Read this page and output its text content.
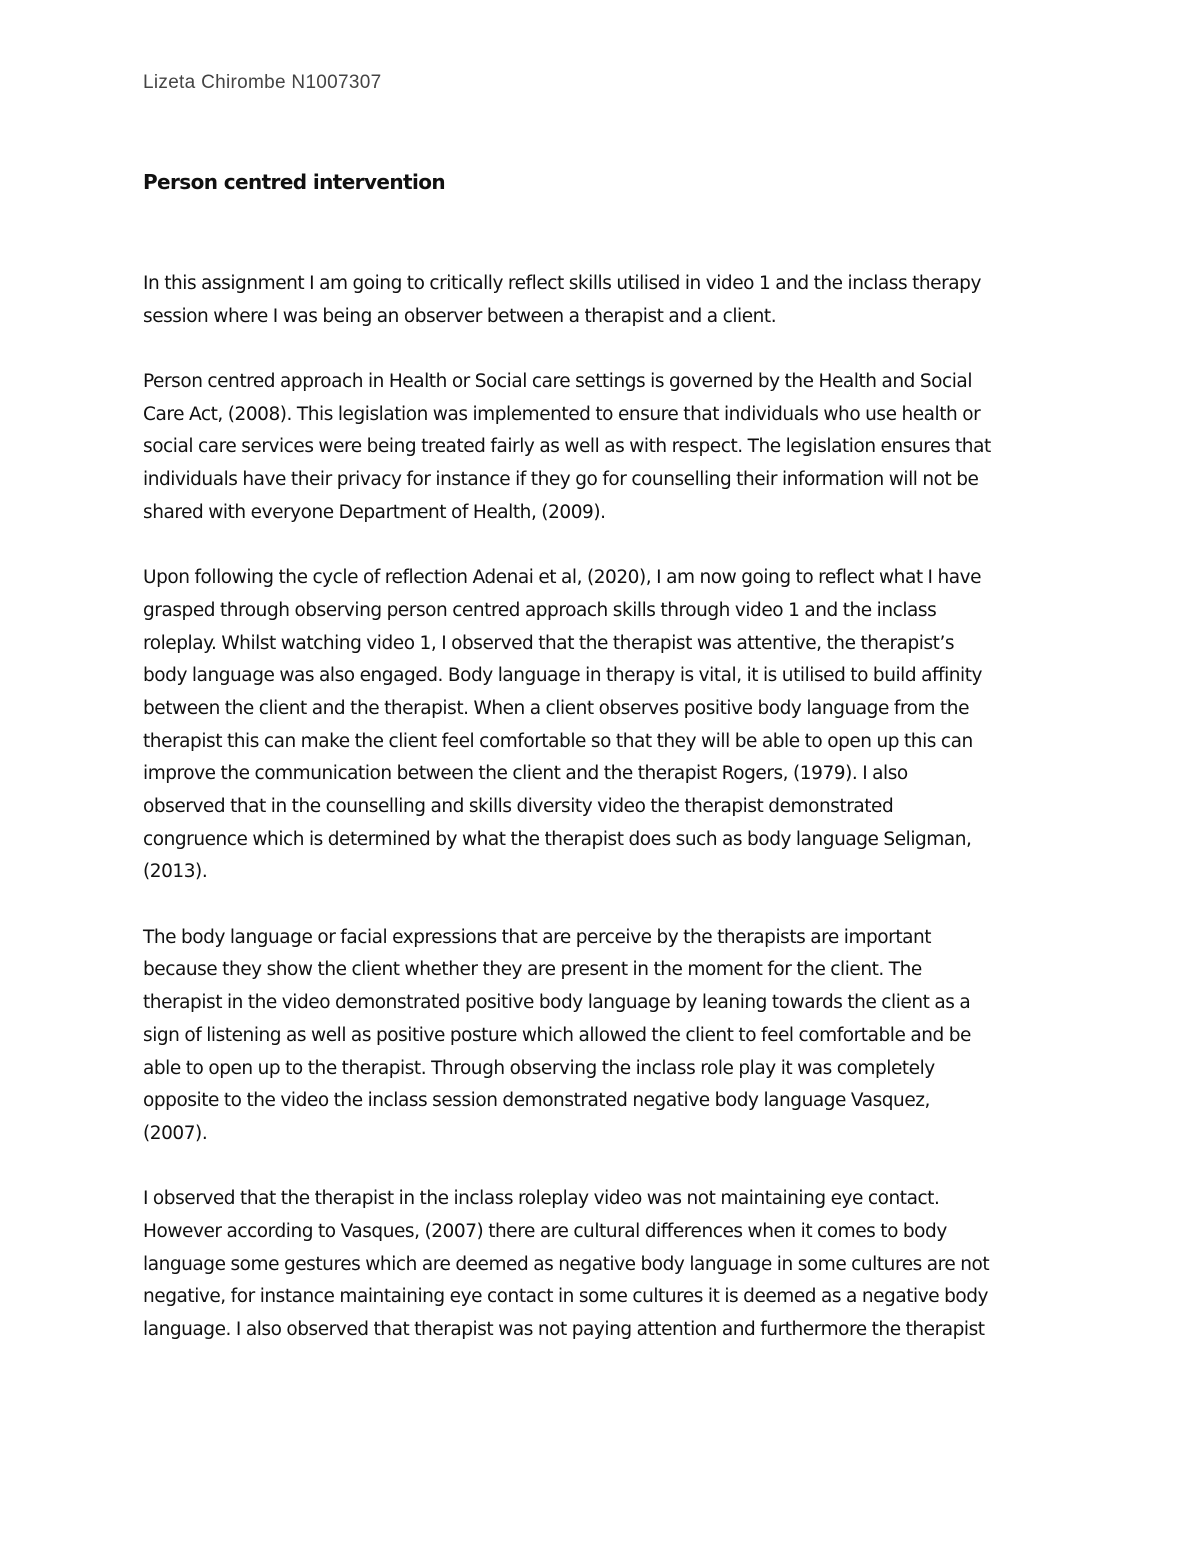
Lizeta Chirombe N1007307
Person centred intervention
In this assignment I am going to critically reflect skills utilised in video 1 and the inclass therapy
session where I was being an observer between a therapist and a client.
Person centred approach in Health or Social care settings is governed by the Health and Social
Care Act, (2008). This legislation was implemented to ensure that individuals who use health or
social care services were being treated fairly as well as with respect. The legislation ensures that
individuals have their privacy for instance if they go for counselling their information will not be
shared with everyone Department of Health, (2009).
Upon following the cycle of reflection Adenai et al, (2020), I am now going to reflect what I have
grasped through observing person centred approach skills through video 1 and the inclass
roleplay. Whilst watching video 1, I observed that the therapist was attentive, the therapist’s
body language was also engaged. Body language in therapy is vital, it is utilised to build affinity
between the client and the therapist. When a client observes positive body language from the
therapist this can make the client feel comfortable so that they will be able to open up this can
improve the communication between the client and the therapist Rogers, (1979). I also
observed that in the counselling and skills diversity video the therapist demonstrated
congruence which is determined by what the therapist does such as body language Seligman,
(2013).
The body language or facial expressions that are perceive by the therapists are important
because they show the client whether they are present in the moment for the client. The
therapist in the video demonstrated positive body language by leaning towards the client as a
sign of listening as well as positive posture which allowed the client to feel comfortable and be
able to open up to the therapist. Through observing the inclass role play it was completely
opposite to the video the inclass session demonstrated negative body language Vasquez,
(2007).
I observed that the therapist in the inclass roleplay video was not maintaining eye contact.
However according to Vasques, (2007) there are cultural differences when it comes to body
language some gestures which are deemed as negative body language in some cultures are not
negative, for instance maintaining eye contact in some cultures it is deemed as a negative body
language. I also observed that therapist was not paying attention and furthermore the therapist
